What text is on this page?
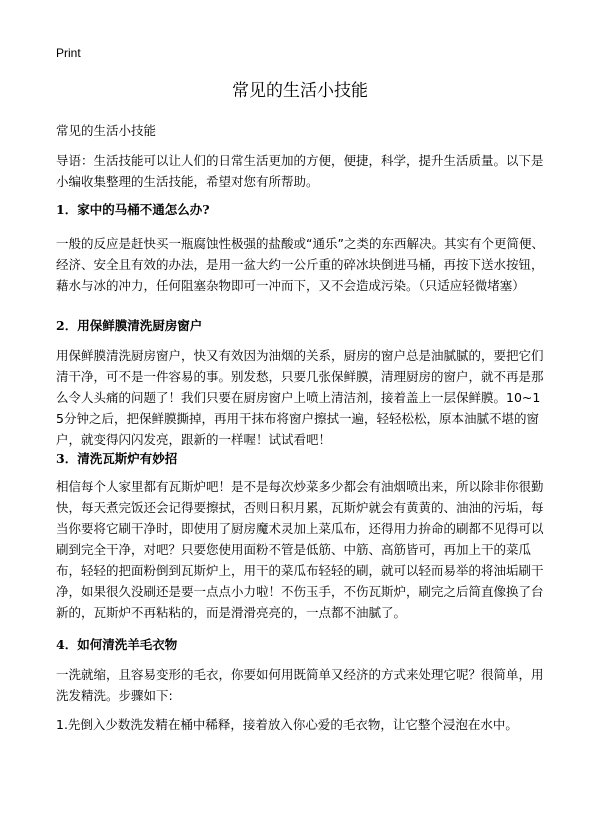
Print
常见的生活小技能

常见的生活小技能

导语：生活技能可以让人们的日常生活更加的方便，便捷，科学，提升生活质量。以下是小编收集整理的生活技能，希望对您有所帮助。

1．家中的马桶不通怎么办?

一般的反应是赶快买一瓶腐蚀性极强的盐酸或“通乐”之类的东西解决。其实有个更简便、经济、安全且有效的办法，是用一盆大约一公斤重的碎冰块倒进马桶，再按下送水按钮，藉水与冰的冲力，任何阻塞杂物即可一冲而下，又不会造成污染。（只适应轻微堵塞）

2．用保鲜膜清洗厨房窗户

用保鲜膜清洗厨房窗户，快又有效因为油烟的关系，厨房的窗户总是油腻腻的，要把它们清干净，可不是一件容易的事。别发愁，只要几张保鲜膜，清理厨房的窗户，就不再是那么令人头痛的问题了！我们只要在厨房窗户上喷上清洁剂，接着盖上一层保鲜膜。10~15分钟之后，把保鲜膜撕掉，再用干抹布将窗户擦拭一遍，轻轻松松，原本油腻不堪的窗户，就变得闪闪发亮，跟新的一样喔！试试看吧！

3．清洗瓦斯炉有妙招

相信每个人家里都有瓦斯炉吧！是不是每次炒菜多少都会有油烟喷出来，所以除非你很勤快，每天煮完饭还会记得要擦拭，否则日积月累，瓦斯炉就会有黄黄的、油油的污垢，每当你要将它刷干净时，即使用了厨房魔术灵加上菜瓜布，还得用力拚命的刷都不见得可以刷到完全干净，对吧？只要您使用面粉不管是低筋、中筋、高筋皆可，再加上干的菜瓜布，轻轻的把面粉倒到瓦斯炉上，用干的菜瓜布轻轻的刷，就可以轻而易举的将油垢刷干净，如果很久没刷还是要一点点小力啦！不伤玉手，不伤瓦斯炉，刷完之后简直像换了台新的，瓦斯炉不再粘粘的，而是滑滑亮亮的，一点都不油腻了。

4．如何清洗羊毛衣物

一洗就缩，且容易变形的毛衣，你要如何用既简单又经济的方式来处理它呢？很简单，用洗发精洗。步骤如下:

1.先倒入少数洗发精在桶中稀释，接着放入你心爱的毛衣物，让它整个浸泡在水中。
